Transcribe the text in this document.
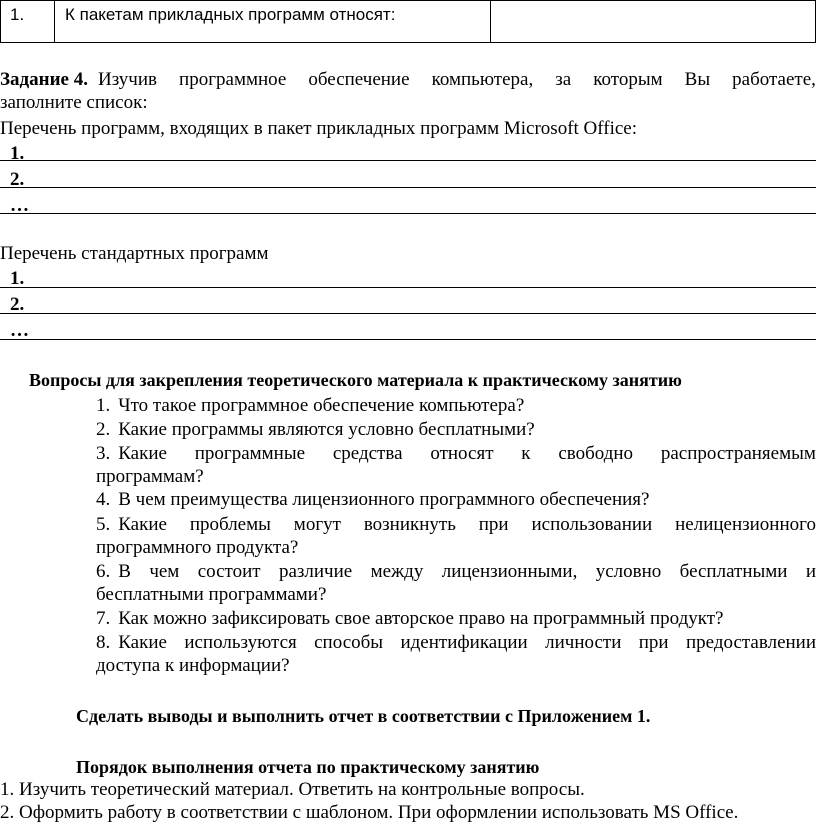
1.	К пакетам прикладных программ относят:	
Задание 4. Изучив программное обеспечение компьютера, за которым Вы работаете,
заполните список:
Перечень программ, входящих в пакет прикладных программ Microsoft Office:
1.
2.
…
Перечень стандартных программ
1.
2.
…
Вопросы для закрепления теоретического материала к практическому занятию
1. Что такое программное обеспечение компьютера?
2. Какие программы являются условно бесплатными?
3. Какие программные средства относят к свободно распространяемым
программам?
4. В чем преимущества лицензионного программного обеспечения?
5. Какие проблемы могут возникнуть при использовании нелицензионного
программного продукта?
6. В чем состоит различие между лицензионными, условно бесплатными и
бесплатными программами?
7. Как можно зафиксировать свое авторское право на программный продукт?
8. Какие используются способы идентификации личности при предоставлении
доступа к информации?
Сделать выводы и выполнить отчет в соответствии с Приложением 1.
Порядок выполнения отчета по практическому занятию
1. Изучить теоретический материал. Ответить на контрольные вопросы.
2. Оформить работу в соответствии с шаблоном. При оформлении использовать MS Office.
